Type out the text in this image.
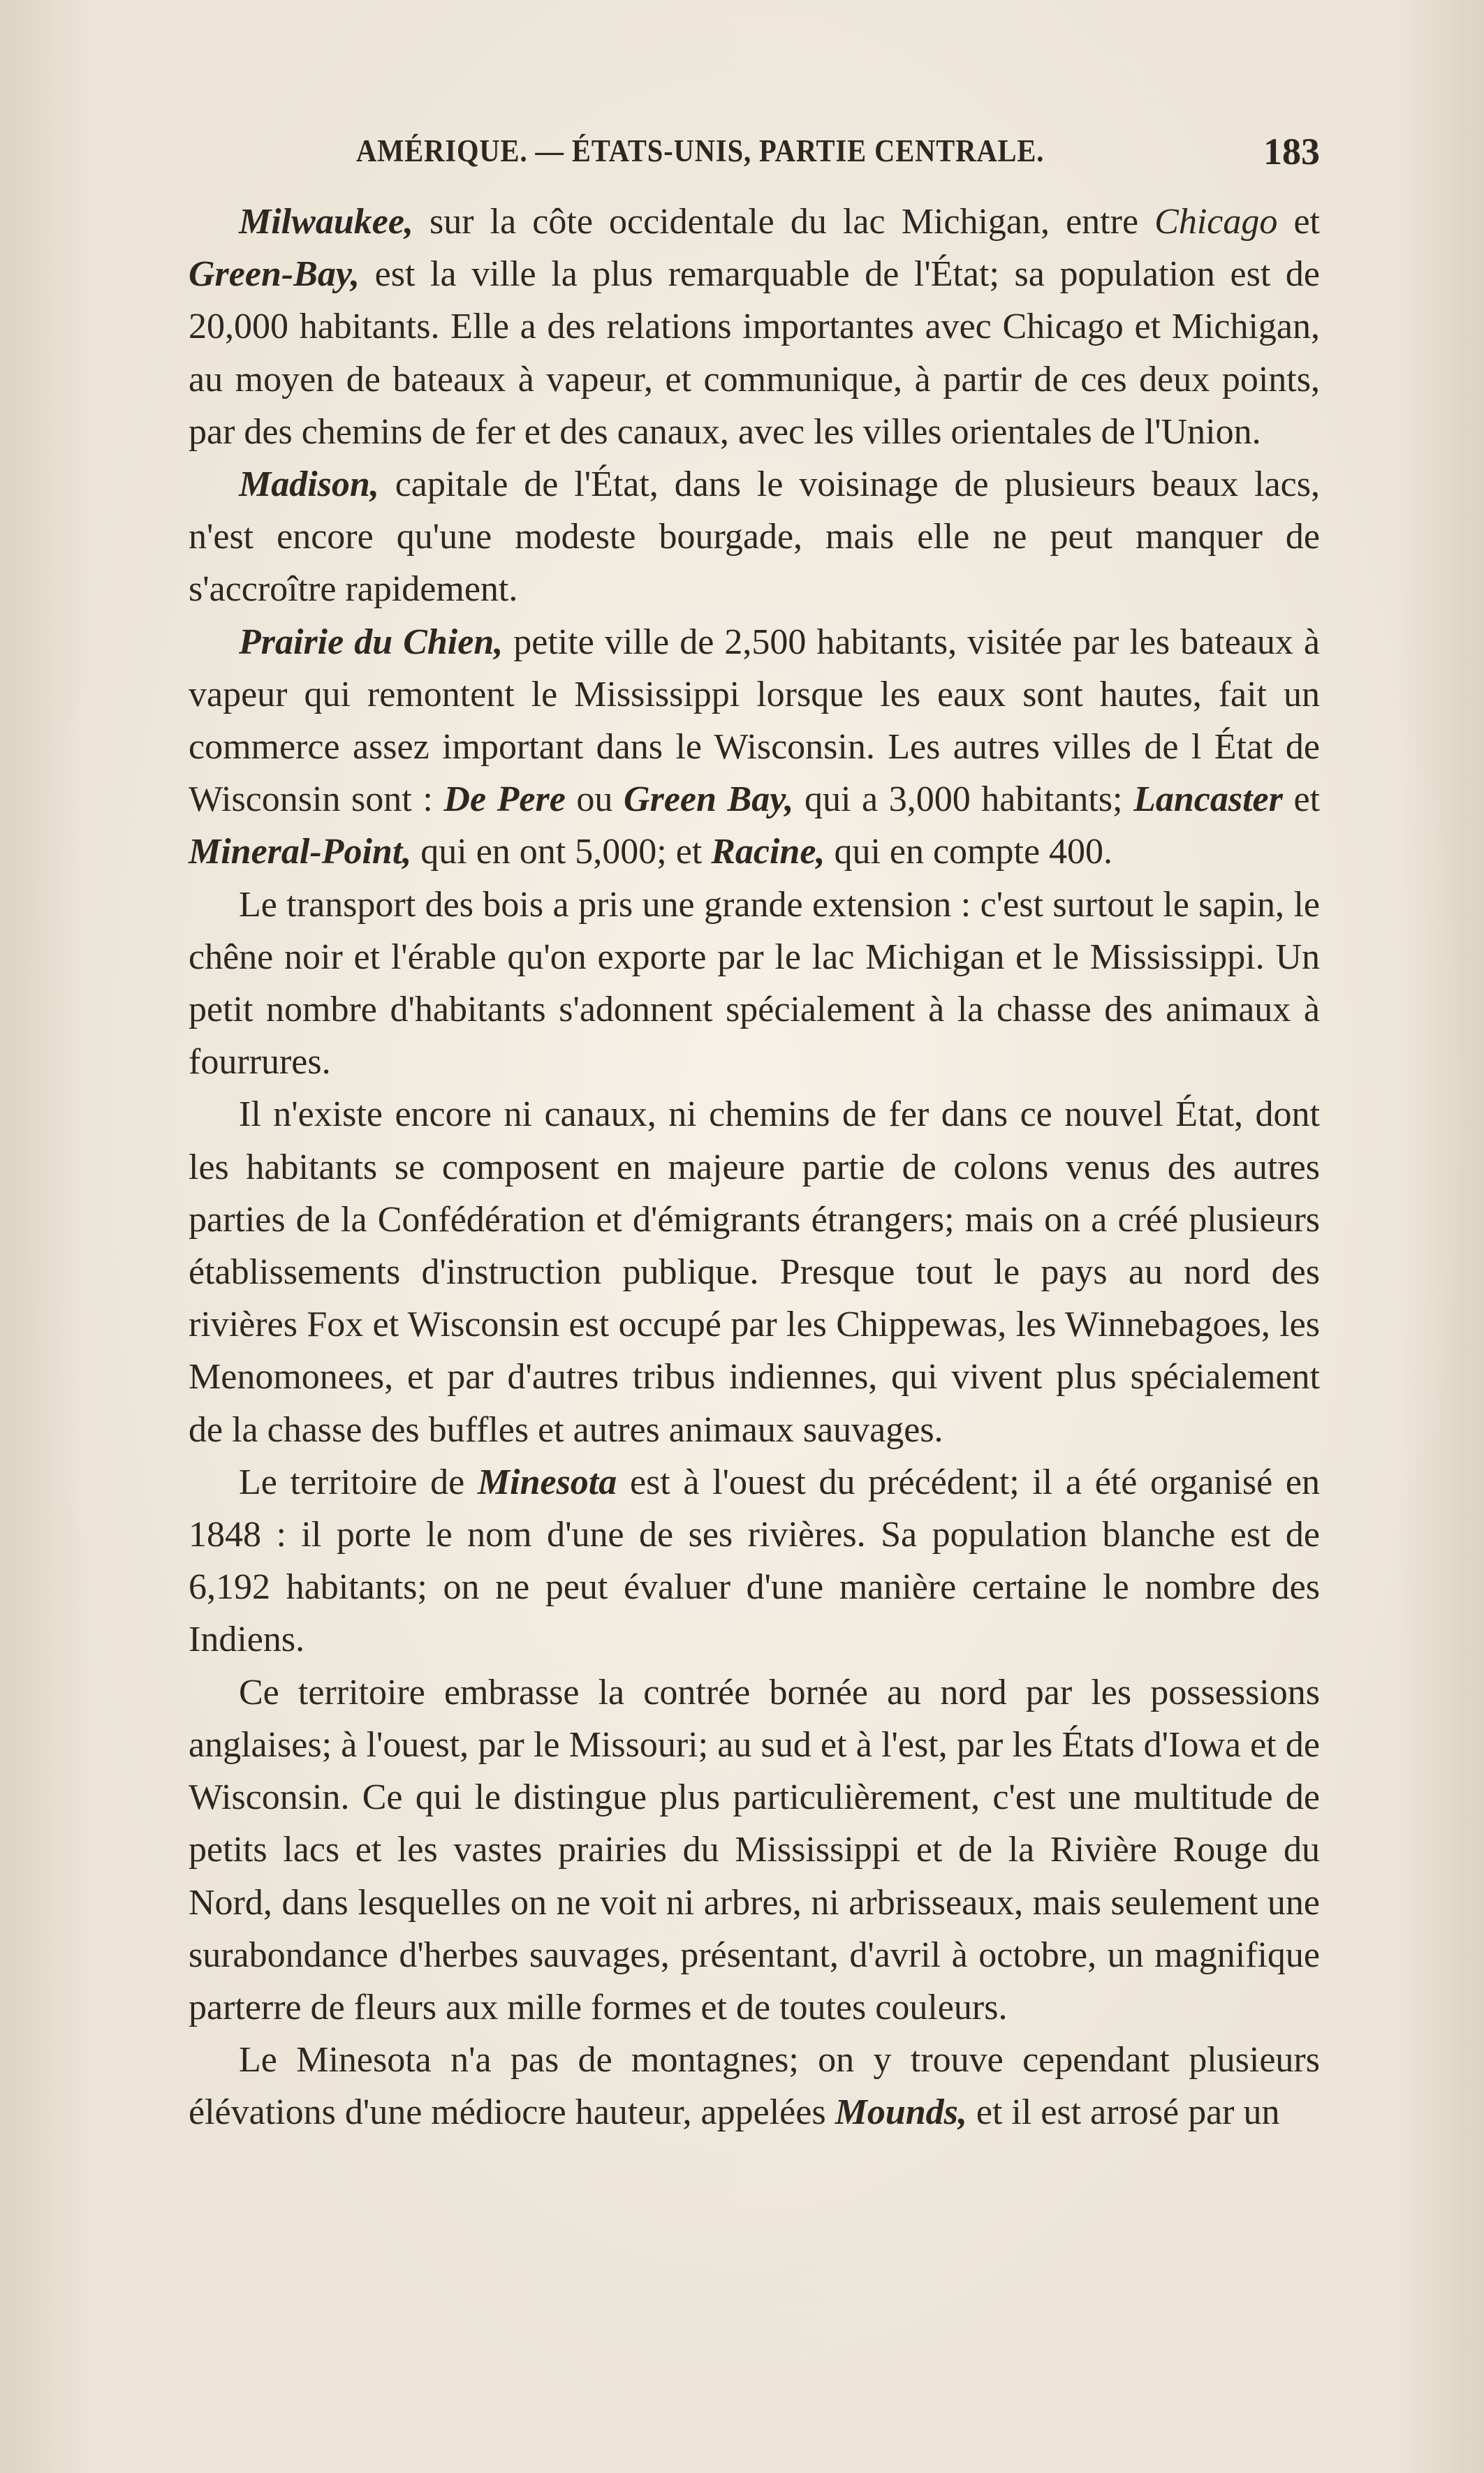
AMÉRIQUE. — ÉTATS-UNIS, PARTIE CENTRALE.	183

Milwaukee, sur la côte occidentale du lac Michigan, entre Chicago et Green-Bay, est la ville la plus remarquable de l'État; sa population est de 20,000 habitants. Elle a des relations importantes avec Chicago et Michigan, au moyen de bateaux à vapeur, et communique, à partir de ces deux points, par des chemins de fer et des canaux, avec les villes orientales de l'Union.

Madison, capitale de l'État, dans le voisinage de plusieurs beaux lacs, n'est encore qu'une modeste bourgade, mais elle ne peut manquer de s'accroître rapidement.

Prairie du Chien, petite ville de 2,500 habitants, visitée par les bateaux à vapeur qui remontent le Mississippi lorsque les eaux sont hautes, fait un commerce assez important dans le Wisconsin. Les autres villes de l État de Wisconsin sont : De Pere ou Green Bay, qui a 3,000 habitants; Lancaster et Mineral-Point, qui en ont 5,000; et Racine, qui en compte 400.

Le transport des bois a pris une grande extension : c'est surtout le sapin, le chêne noir et l'érable qu'on exporte par le lac Michigan et le Mississippi. Un petit nombre d'habitants s'adonnent spécialement à la chasse des animaux à fourrures.

Il n'existe encore ni canaux, ni chemins de fer dans ce nouvel État, dont les habitants se composent en majeure partie de colons venus des autres parties de la Confédération et d'émigrants étrangers; mais on a créé plusieurs établissements d'instruction publique. Presque tout le pays au nord des rivières Fox et Wisconsin est occupé par les Chippewas, les Winnebagoes, les Menomonees, et par d'autres tribus indiennes, qui vivent plus spécialement de la chasse des buffles et autres animaux sauvages.

Le territoire de Minesota est à l'ouest du précédent; il a été organisé en 1848 : il porte le nom d'une de ses rivières. Sa population blanche est de 6,192 habitants; on ne peut évaluer d'une manière certaine le nombre des Indiens.

Ce territoire embrasse la contrée bornée au nord par les possessions anglaises; à l'ouest, par le Missouri; au sud et à l'est, par les États d'Iowa et de Wisconsin. Ce qui le distingue plus particulièrement, c'est une multitude de petits lacs et les vastes prairies du Mississippi et de la Rivière Rouge du Nord, dans lesquelles on ne voit ni arbres, ni arbrisseaux, mais seulement une surabondance d'herbes sauvages, présentant, d'avril à octobre, un magnifique parterre de fleurs aux mille formes et de toutes couleurs.

Le Minesota n'a pas de montagnes; on y trouve cependant plusieurs élévations d'une médiocre hauteur, appelées Mounds, et il est arrosé par un
